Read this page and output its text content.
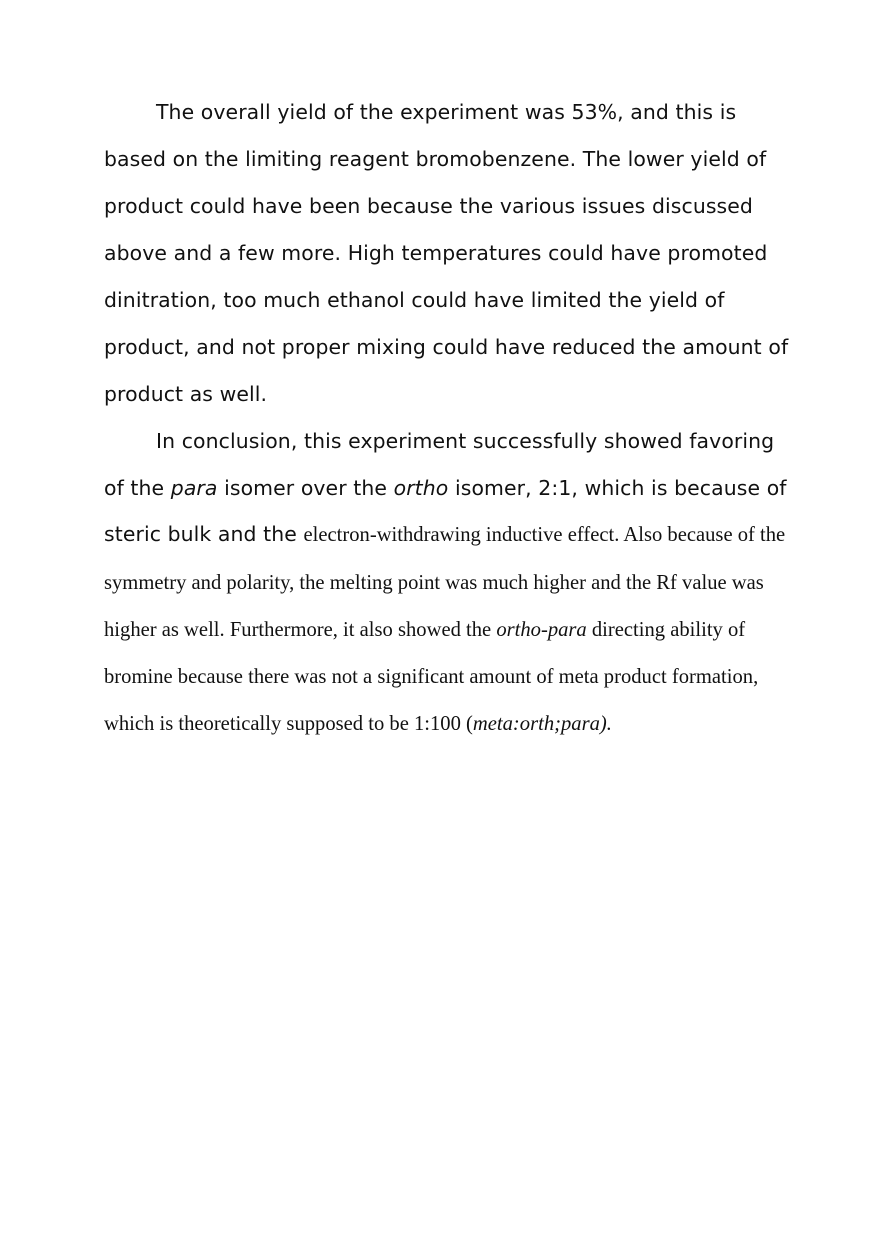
The overall yield of the experiment was 53%, and this is
based on the limiting reagent bromobenzene. The lower yield of
product could have been because the various issues discussed
above and a few more. High temperatures could have promoted
dinitration, too much ethanol could have limited the yield of
product, and not proper mixing could have reduced the amount of
product as well.
In conclusion, this experiment successfully showed favoring
of the para isomer over the ortho isomer, 2:1, which is because of
steric bulk and the electron-withdrawing inductive effect. Also because of the
symmetry and polarity, the melting point was much higher and the Rf value was
higher as well. Furthermore, it also showed the ortho-para directing ability of
bromine because there was not a significant amount of meta product formation,
which is theoretically supposed to be 1:100 (meta:orth;para).
